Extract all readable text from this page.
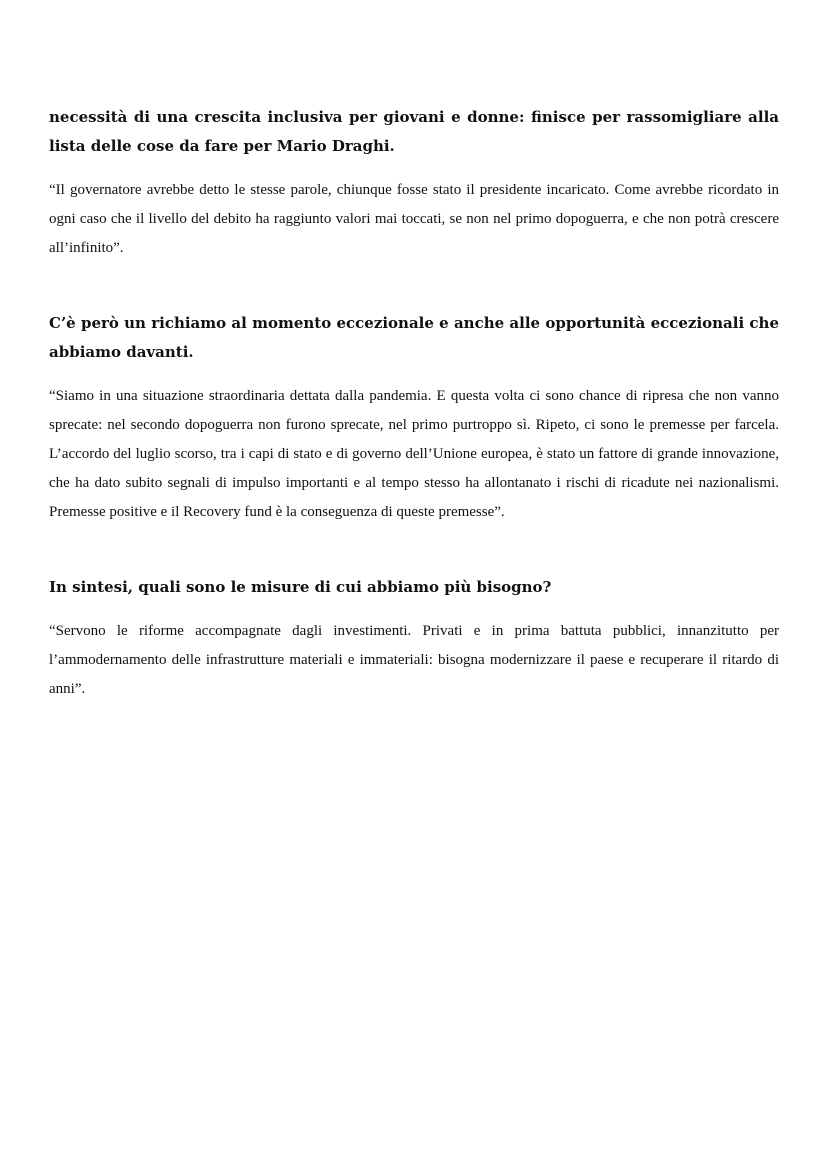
necessità di una crescita inclusiva per giovani e donne: finisce per rassomigliare alla lista delle cose da fare per Mario Draghi.

“Il governatore avrebbe detto le stesse parole, chiunque fosse stato il presidente incaricato. Come avrebbe ricordato in ogni caso che il livello del debito ha raggiunto valori mai toccati, se non nel primo dopoguerra, e che non potrà crescere all’infinito”.

C’è però un richiamo al momento eccezionale e anche alle opportunità eccezionali che abbiamo davanti.

“Siamo in una situazione straordinaria dettata dalla pandemia. E questa volta ci sono chance di ripresa che non vanno sprecate: nel secondo dopoguerra non furono sprecate, nel primo purtroppo sì. Ripeto, ci sono le premesse per farcela. L’accordo del luglio scorso, tra i capi di stato e di governo dell’Unione europea, è stato un fattore di grande innovazione, che ha dato subito segnali di impulso importanti e al tempo stesso ha allontanato i rischi di ricadute nei nazionalismi. Premesse positive e il Recovery fund è la conseguenza di queste premesse”.

In sintesi, quali sono le misure di cui abbiamo più bisogno?

“Servono le riforme accompagnate dagli investimenti. Privati e in prima battuta pubblici, innanzitutto per l’ammodernamento delle infrastrutture materiali e immateriali: bisogna modernizzare il paese e recuperare il ritardo di anni”.
